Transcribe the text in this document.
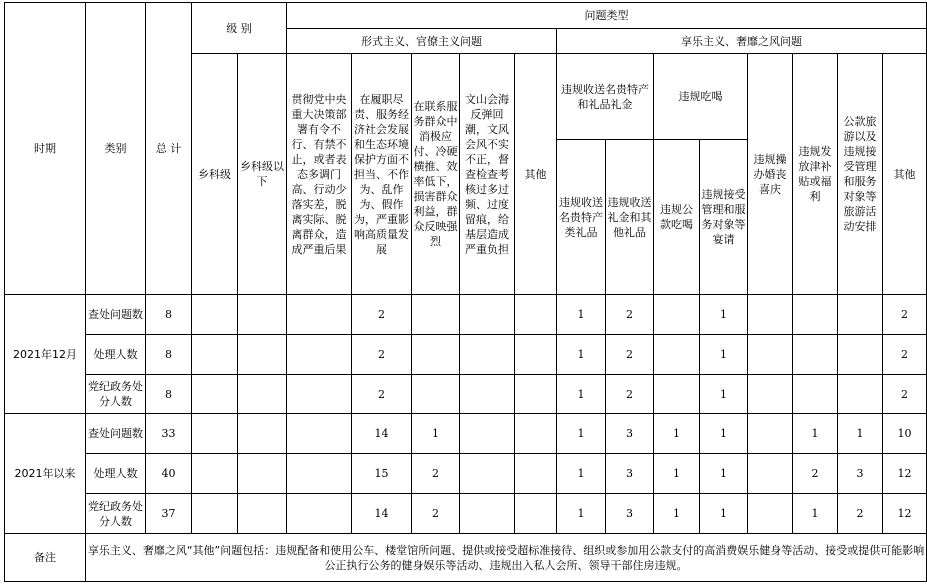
时期	类别	总 计	级 别		问题类型												
					形式主义、官僚主义问题					享乐主义、奢靡之风问题							
			乡科级	乡科级以下	贯彻党中央重大决策部署有令不行、有禁不止，或者表态多调门高、行动少落实差，脱离实际、脱离群众，造成严重后果	在履职尽责、服务经济社会发展和生态环境保护方面不担当、不作为、乱作为、假作为，严重影响高质量发展	在联系服务群众中消极应付、冷硬横推、效率低下，损害群众利益，群众反映强烈	文山会海反弹回潮，文风会风不实不正，督查检查考核过多过频、过度留痕，给基层造成严重负担	其他	违规收送名贵特产和礼品礼金		违规吃喝		违规操办婚丧喜庆	违规发放津补贴或福利	公款旅游以及违规接受管理和服务对象等旅游活动安排	其他
										违规收送名贵特产类礼品	违规收送礼金和其他礼品	违规公款吃喝	违规接受管理和服务对象等宴请				
2021年12月	查处问题数	8				2				1	2		1				2
	处理人数	8				2				1	2		1				2
	党纪政务处分人数	8				2				1	2		1				2
2021年以来	查处问题数	33				14	1			1	3	1	1		1	1	10
	处理人数	40				15	2			1	3	1	1		2	3	12
	党纪政务处分人数	37				14	2			1	3	1	1		1	2	12
备注	享乐主义、奢靡之风“其他”问题包括：违规配备和使用公车、楼堂馆所问题、提供或接受超标准接待、组织或参加用公款支付的高消费娱乐健身等活动、接受或提供可能影响公正执行公务的健身娱乐等活动、违规出入私人会所、领导干部住房违规。																
